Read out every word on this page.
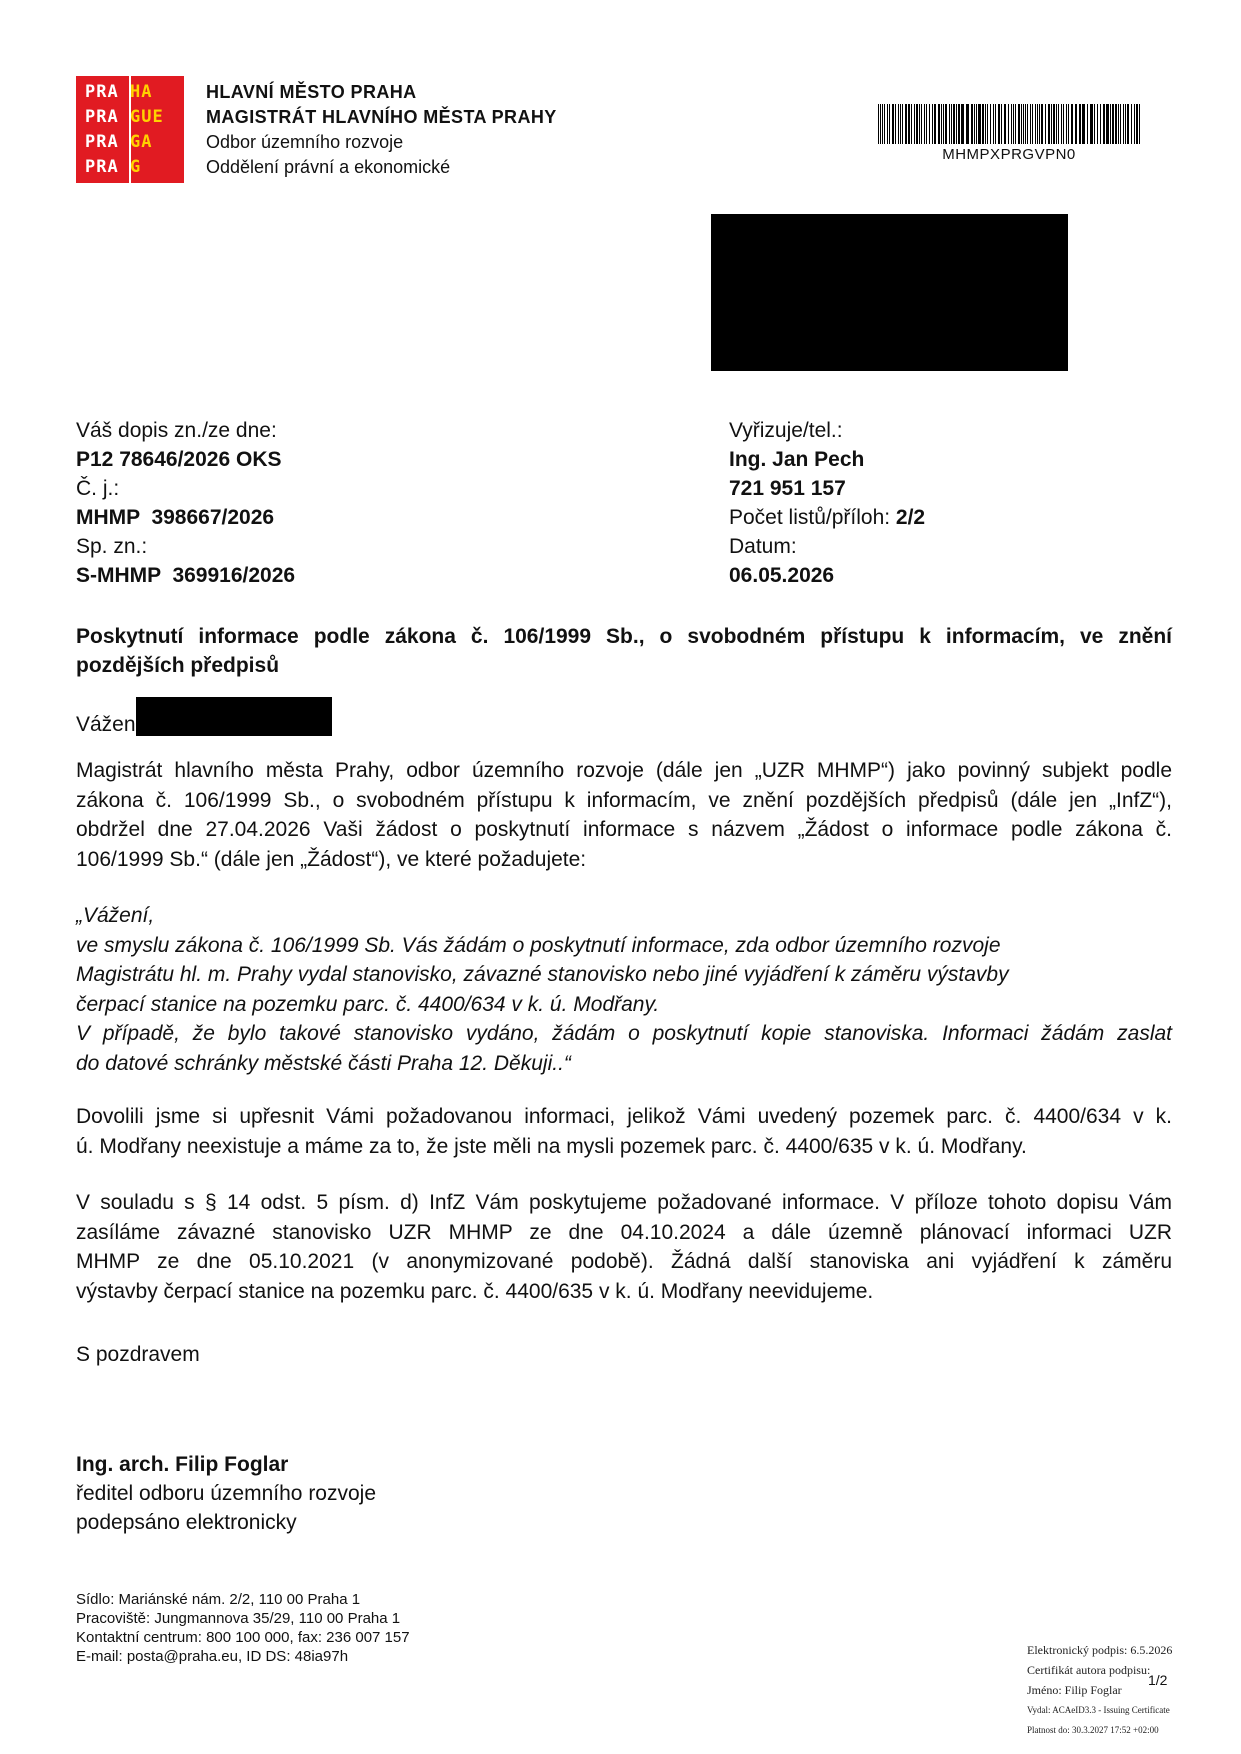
PRA HA
PRA GUE
PRA GA
PRA G
HLAVNÍ MĚSTO PRAHA
MAGISTRÁT HLAVNÍHO MĚSTA PRAHY
Odbor územního rozvoje
Oddělení právní a ekonomické
MHMPXPRGVPN0
Váš dopis zn./ze dne:
P12 78646/2026 OKS
Č. j.:
MHMP  398667/2026
Sp. zn.:
S-MHMP  369916/2026
Vyřizuje/tel.:
Ing. Jan Pech
721 951 157
Počet listů/příloh: 2/2
Datum:
06.05.2026
Poskytnutí informace podle zákona č. 106/1999 Sb., o svobodném přístupu k informacím, ve znění
pozdějších předpisů
Vážen
Magistrát hlavního města Prahy, odbor územního rozvoje (dále jen „UZR MHMP“) jako povinný subjekt podle
zákona č. 106/1999 Sb., o svobodném přístupu k informacím, ve znění pozdějších předpisů (dále jen „InfZ“),
obdržel dne 27.04.2026 Vaši žádost o poskytnutí informace s názvem „Žádost o informace podle zákona č.
106/1999 Sb.“ (dále jen „Žádost“), ve které požadujete:
„Vážení,
ve smyslu zákona č. 106/1999 Sb. Vás žádám o poskytnutí informace, zda odbor územního rozvoje
Magistrátu hl. m. Prahy vydal stanovisko, závazné stanovisko nebo jiné vyjádření k záměru výstavby
čerpací stanice na pozemku parc. č. 4400/634 v k. ú. Modřany.
V případě, že bylo takové stanovisko vydáno, žádám o poskytnutí kopie stanoviska. Informaci žádám zaslat
do datové schránky městské části Praha 12. Děkuji..“
Dovolili jsme si upřesnit Vámi požadovanou informaci, jelikož Vámi uvedený pozemek parc. č. 4400/634 v k.
ú. Modřany neexistuje a máme za to, že jste měli na mysli pozemek parc. č. 4400/635 v k. ú. Modřany.
V souladu s § 14 odst. 5 písm. d) InfZ Vám poskytujeme požadované informace. V příloze tohoto dopisu Vám
zasíláme závazné stanovisko UZR MHMP ze dne 04.10.2024 a dále územně plánovací informaci UZR
MHMP ze dne 05.10.2021 (v anonymizované podobě). Žádná další stanoviska ani vyjádření k záměru
výstavby čerpací stanice na pozemku parc. č. 4400/635 v k. ú. Modřany neevidujeme.
S pozdravem
Ing. arch. Filip Foglar
ředitel odboru územního rozvoje
podepsáno elektronicky
Sídlo: Mariánské nám. 2/2, 110 00 Praha 1
Pracoviště: Jungmannova 35/29, 110 00 Praha 1
Kontaktní centrum: 800 100 000, fax: 236 007 157
E-mail: posta@praha.eu, ID DS: 48ia97h	Elektronický podpis: 6.5.2026
Certifikát autora podpisu:
Jméno: Filip Foglar
Vydal: ACAeID3.3 - Issuing Certificate
Platnost do: 30.3.2027 17:52 +02:00
1/2
